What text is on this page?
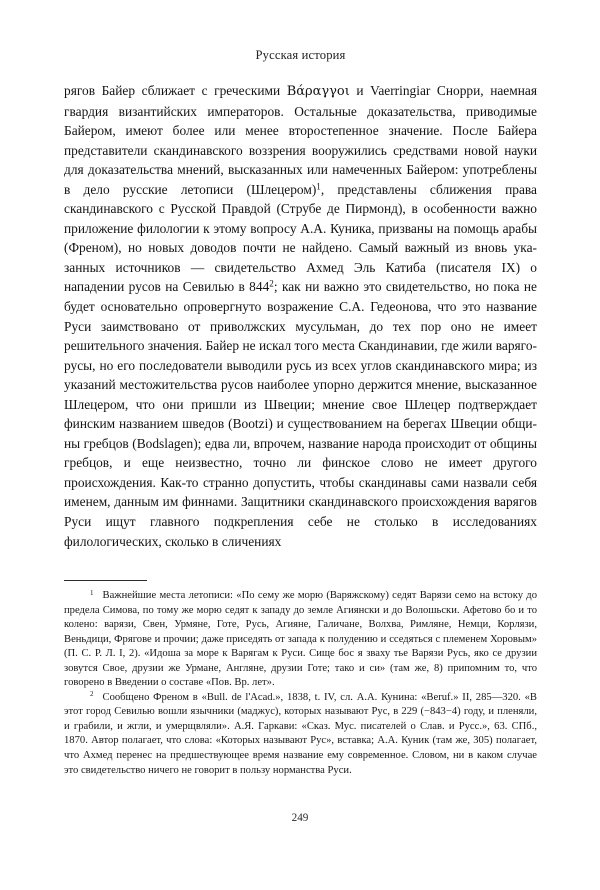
Русская история

рягов Байер сближает с греческими Βάραγγοι и Vaerringiar Снорри, наемная гвардия византийских императоров. Остальные доказательства, приводимые Байером, имеют более или менее второстепенное значение. После Байера представители скандинавского воззрения вооружились средствами новой науки для доказательства мнений, высказанных или намеченных Байером: употреблены в дело русские летописи (Шлецером)$^1$, представлены сближения права скандинавского с Русской Правдой (Струбе де Пирмонд), в особенности важно приложение филологии к этому вопросу А.А. Куника, призваны на помощь арабы (Френом), но новых доводов почти не найдено. Самый важный из вновь указанных источников — свидетельство Ахмед Эль Катиба (писателя IX) о нападении русов на Севилью в $844^2$; как ни важно это свидетельство, но пока не будет основательно опровергнуто возражение С.А. Гедеонова, что это название Руси заимствовано от приволжских мусульман, до тех пор оно не имеет решительного значения. Байер не искал того места Скандинавии, где жили варяго-русы, но его последователи выводили русь из всех углов скандинавского мира; из указаний местожительства русов наиболее упорно держится мнение, высказанное Шлецером, что они пришли из Швеции; мнение свое Шлецер подтверждает финским названием шведов (Bootzi) и существованием на берегах Швеции общины гребцов (Bodslagen); едва ли, впрочем, название народа происходит от общины гребцов, и еще неизвестно, точно ли финское слово не имеет другого происхождения. Как-то странно допустить, чтобы скандинавы сами назвали себя именем, данным им финнами. Защитники скандинавского происхождения варягов Руси ищут главного подкрепления себе не столько в исследованиях филологических, сколько в сличениях

$^1$ Важнейшие места летописи: «По сему же морю (Варяжскому) седят Варязи семо на встоку до предела Симова, по тому же морю седят к западу до земле Агиянски и до Волошьски. Афетово бо и то колено: варязи, Свен, Урмяне, Готе, Русь, Агияне, Галичане, Волхва, Римляне, Немци, Корлязи, Веньдици, Фрягове и прочии; даже приседять от запада к полудению и сседяться с племенем Хоровым» (П. С. Р. Л. I, 2). «Идоша за море к Варягам к Руси. Сище бос я зваху тье Варязи Русь, яко се друзии зовутся Свое, друзии же Урмане, Англяне, друзии Готе; тако и си» (там же, 8) припомним то, что говорено в Введении о составе «Пов. Вр. лет».

$^2$ Сообщено Френом в «Bull. de l'Acad.», 1838, t. IV, сл. А.А. Кунина: «Beruf.» II, 285—320. «В этот город Севилью вошли язычники (маджус), которых называют Рус, в 229 (−843−4) году, и пленяли, и грабили, и жгли, и умерщвляли». А.Я. Гаркави: «Сказ. Мус. писателей о Слав. и Русс.», 63. СПб., 1870. Автор полагает, что слова: «Которых называют Рус», вставка; А.А. Куник (там же, 305) полагает, что Ахмед перенес на предшествующее время название ему современное. Словом, ни в каком случае это свидетельство ничего не говорит в пользу норманства Руси.

249
